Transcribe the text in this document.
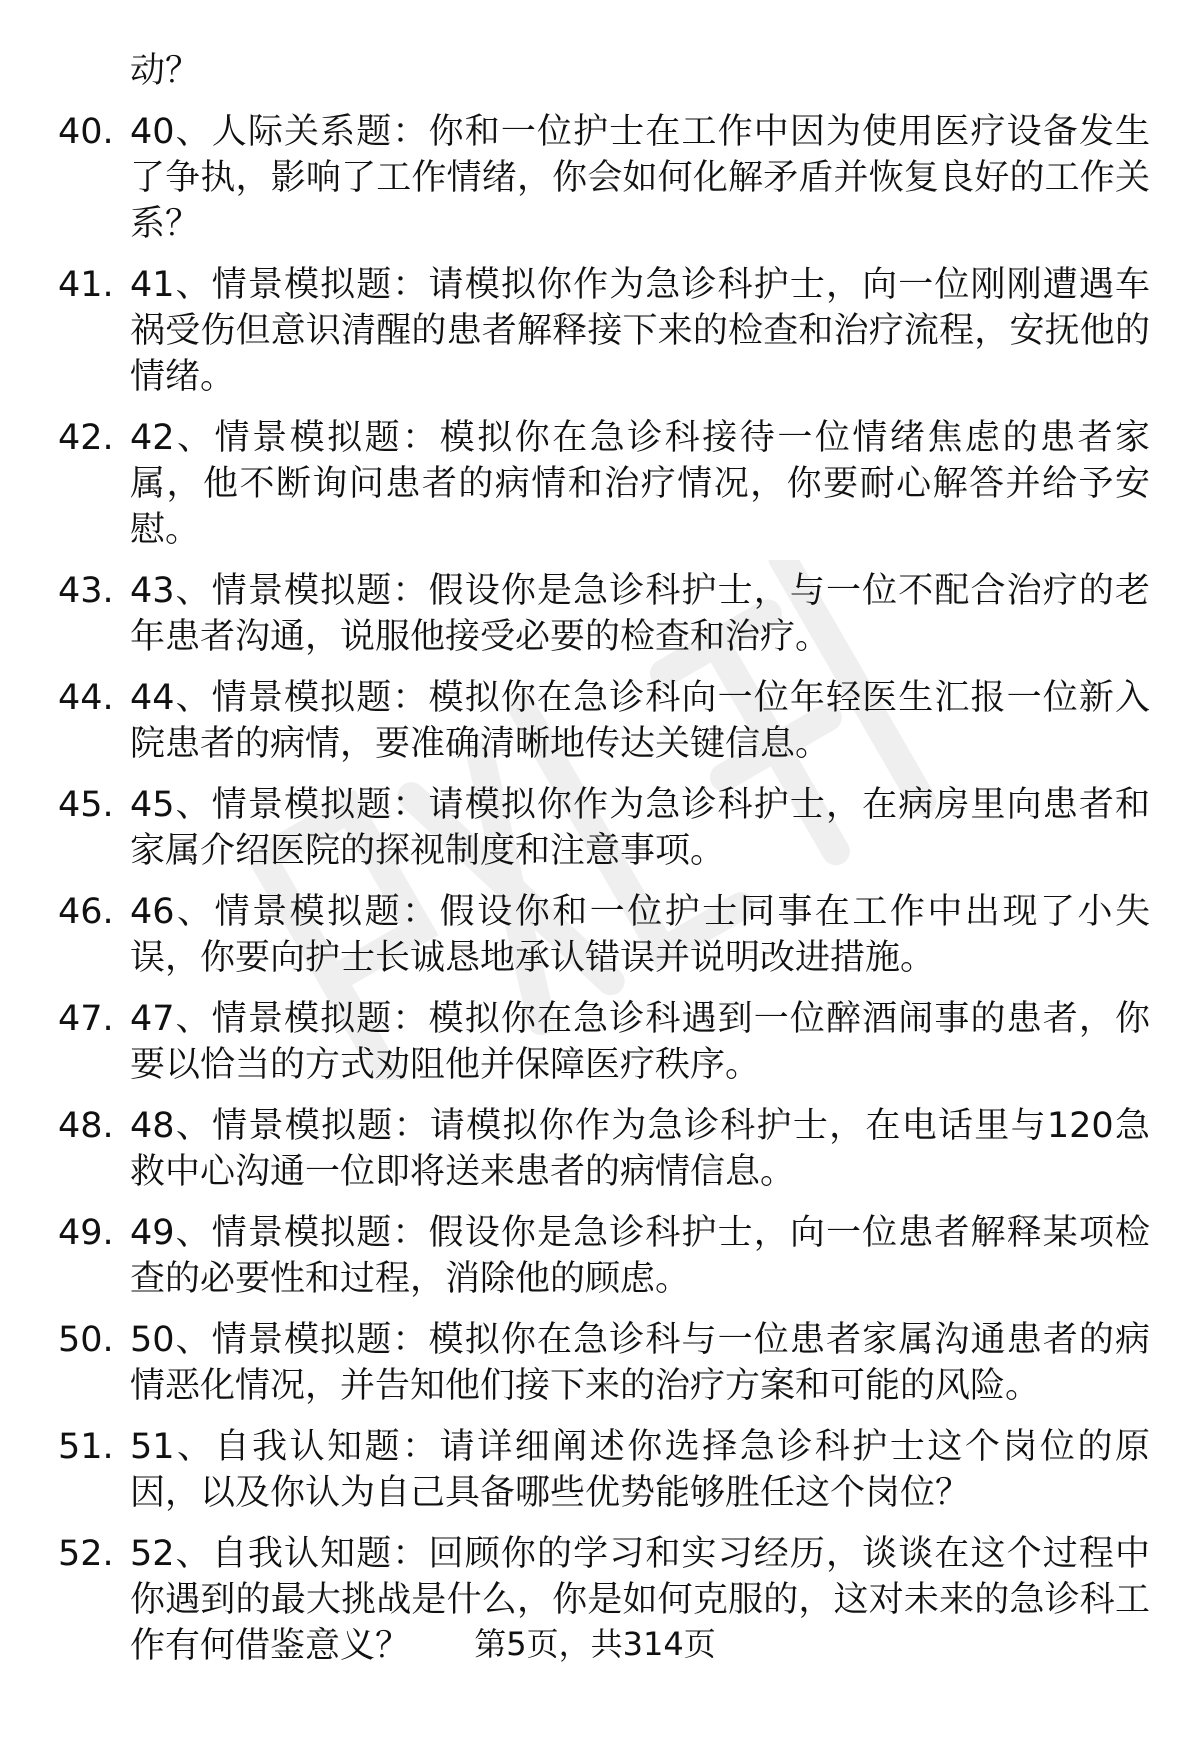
动？

40. 40、人际关系题：你和一位护士在工作中因为使用医疗设备发生了争执，影响了工作情绪，你会如何化解矛盾并恢复良好的工作关系？
41. 41、情景模拟题：请模拟你作为急诊科护士，向一位刚刚遭遇车祸受伤但意识清醒的患者解释接下来的检查和治疗流程，安抚他的情绪。
42. 42、情景模拟题：模拟你在急诊科接待一位情绪焦虑的患者家属，他不断询问患者的病情和治疗情况，你要耐心解答并给予安慰。
43. 43、情景模拟题：假设你是急诊科护士，与一位不配合治疗的老年患者沟通，说服他接受必要的检查和治疗。
44. 44、情景模拟题：模拟你在急诊科向一位年轻医生汇报一位新入院患者的病情，要准确清晰地传达关键信息。
45. 45、情景模拟题：请模拟你作为急诊科护士，在病房里向患者和家属介绍医院的探视制度和注意事项。
46. 46、情景模拟题：假设你和一位护士同事在工作中出现了小失误，你要向护士长诚恳地承认错误并说明改进措施。
47. 47、情景模拟题：模拟你在急诊科遇到一位醉酒闹事的患者，你要以恰当的方式劝阻他并保障医疗秩序。
48. 48、情景模拟题：请模拟你作为急诊科护士，在电话里与120急救中心沟通一位即将送来患者的病情信息。
49. 49、情景模拟题：假设你是急诊科护士，向一位患者解释某项检查的必要性和过程，消除他的顾虑。
50. 50、情景模拟题：模拟你在急诊科与一位患者家属沟通患者的病情恶化情况，并告知他们接下来的治疗方案和可能的风险。
51. 51、自我认知题：请详细阐述你选择急诊科护士这个岗位的原因，以及你认为自己具备哪些优势能够胜任这个岗位？
52. 52、自我认知题：回顾你的学习和实习经历，谈谈在这个过程中你遇到的最大挑战是什么，你是如何克服的，这对未来的急诊科工作有何借鉴意义？	第5页，共314页
